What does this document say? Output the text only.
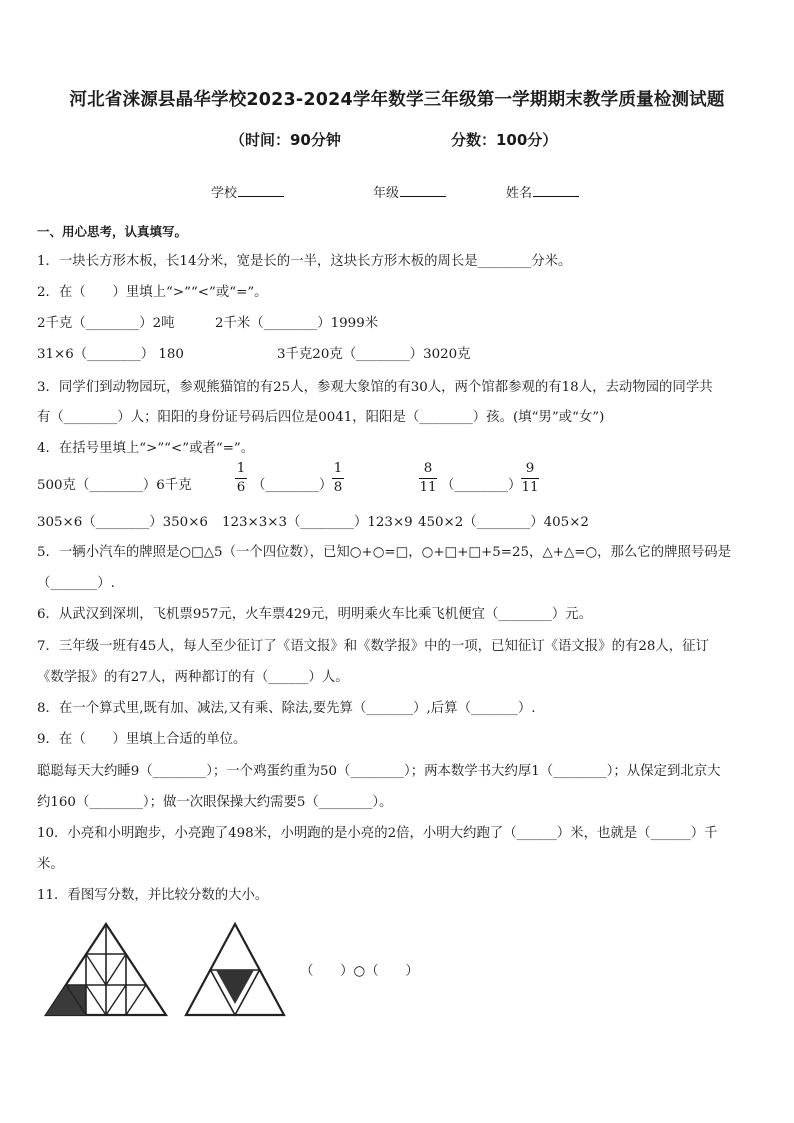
河北省涞源县晶华学校2023-2024学年数学三年级第一学期期末教学质量检测试题
（时间：90分钟	分数：100分）
学校	年级	姓名
一、用心思考，认真填写。
1．一块长方形木板，长14分米，宽是长的一半，这块长方形木板的周长是________分米。
2．在（　　）里填上“>”“<”或“=”。
2千克（________）2吨	2千米（________）1999米
31×6（________） 180	3千克20克（________）3020克
3．同学们到动物园玩，参观熊猫馆的有25人，参观大象馆的有30人，两个馆都参观的有18人，去动物园的同学共
有（________）人；阳阳的身份证号码后四位是0041，阳阳是（________）孩。(填“男”或“女”)
4．在括号里填上“>”“<”或者“=”。
500克（________）6千克
1
6 （________）
1
8
8
11 （________）
9
11
305×6（________）350×6 123×3×3（________）123×9 450×2（________）405×2
5．一辆小汽车的牌照是○□△5（一个四位数），已知○+○=□，○+□+□+5=25，△+△=○，那么它的牌照号码是
（_______）.
6．从武汉到深圳，飞机票957元，火车票429元，明明乘火车比乘飞机便宜（________）元。
7．三年级一班有45人，每人至少征订了《语文报》和《数学报》中的一项，已知征订《语文报》的有28人，征订
《数学报》的有27人，两种都订的有（______）人。
8．在一个算式里,既有加、减法,又有乘、除法,要先算（_______）,后算（_______）.
9．在（　　）里填上合适的单位。
聪聪每天大约睡9（________）；一个鸡蛋约重为50（________）；两本数学书大约厚1（________）；从保定到北京大
约160（________）；做一次眼保操大约需要5（________）。
10．小亮和小明跑步，小亮跑了498米，小明跑的是小亮的2倍，小明大约跑了（______）米，也就是（______）千
米。
11．看图写分数，并比较分数的大小。
（　　）○（　　）
